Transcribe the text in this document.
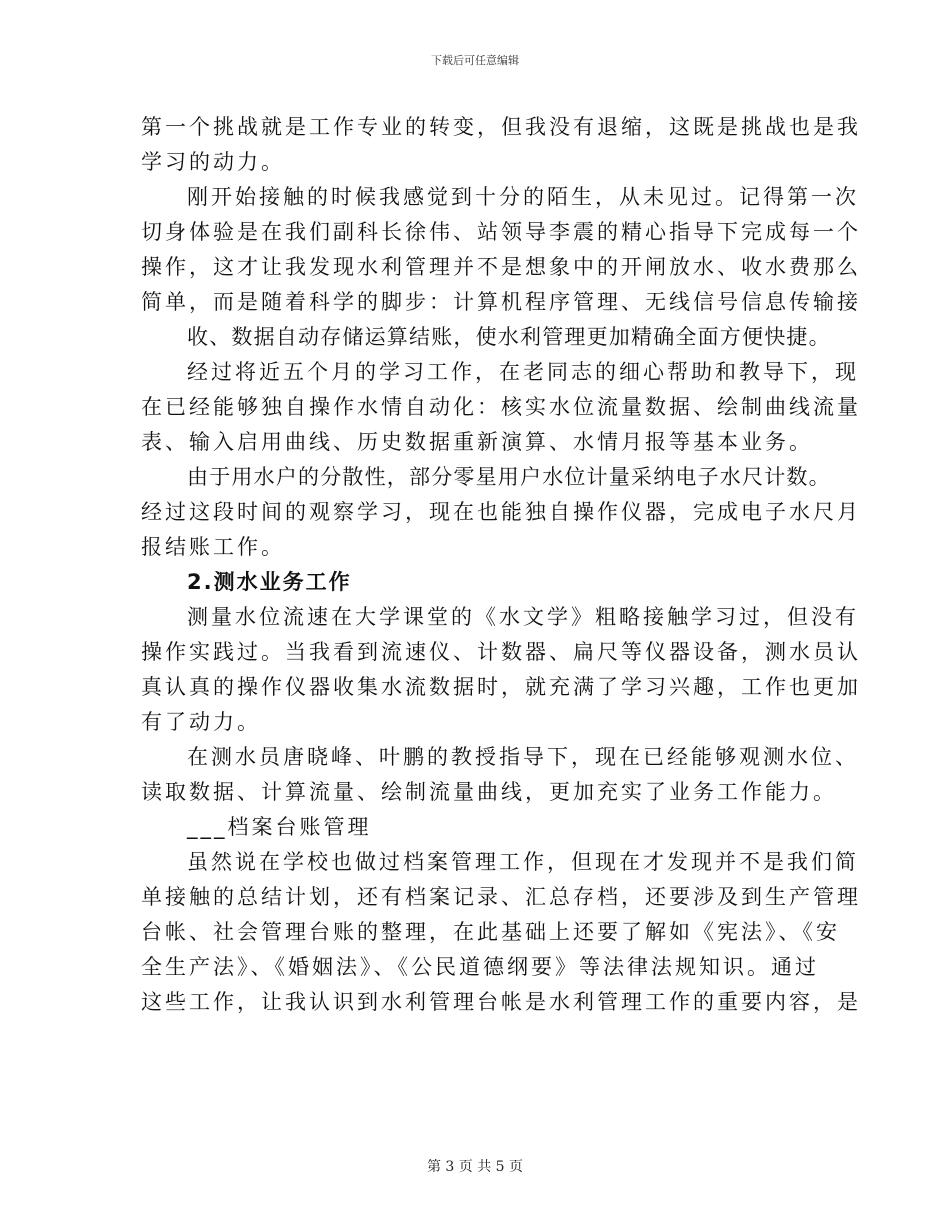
下载后可任意编辑
第一个挑战就是工作专业的转变，但我没有退缩，这既是挑战也是我
学习的动力。
刚开始接触的时候我感觉到十分的陌生，从未见过。记得第一次
切身体验是在我们副科长徐伟、站领导李震的精心指导下完成每一个
操作，这才让我发现水利管理并不是想象中的开闸放水、收水费那么
简单，而是随着科学的脚步：计算机程序管理、无线信号信息传输接
收、数据自动存储运算结账，使水利管理更加精确全面方便快捷。
经过将近五个月的学习工作，在老同志的细心帮助和教导下，现
在已经能够独自操作水情自动化：核实水位流量数据、绘制曲线流量
表、输入启用曲线、历史数据重新演算、水情月报等基本业务。
由于用水户的分散性，部分零星用户水位计量采纳电子水尺计数。
经过这段时间的观察学习，现在也能独自操作仪器，完成电子水尺月
报结账工作。
2.测水业务工作
测量水位流速在大学课堂的《水文学》粗略接触学习过，但没有
操作实践过。当我看到流速仪、计数器、扁尺等仪器设备，测水员认
真认真的操作仪器收集水流数据时，就充满了学习兴趣，工作也更加
有了动力。
在测水员唐晓峰、叶鹏的教授指导下，现在已经能够观测水位、
读取数据、计算流量、绘制流量曲线，更加充实了业务工作能力。
___档案台账管理
虽然说在学校也做过档案管理工作，但现在才发现并不是我们简
单接触的总结计划，还有档案记录、汇总存档，还要涉及到生产管理
台帐、社会管理台账的整理，在此基础上还要了解如《宪法》、《安
全生产法》、《婚姻法》、《公民道德纲要》等法律法规知识。通过
这些工作，让我认识到水利管理台帐是水利管理工作的重要内容，是
第 3 页 共 5 页
